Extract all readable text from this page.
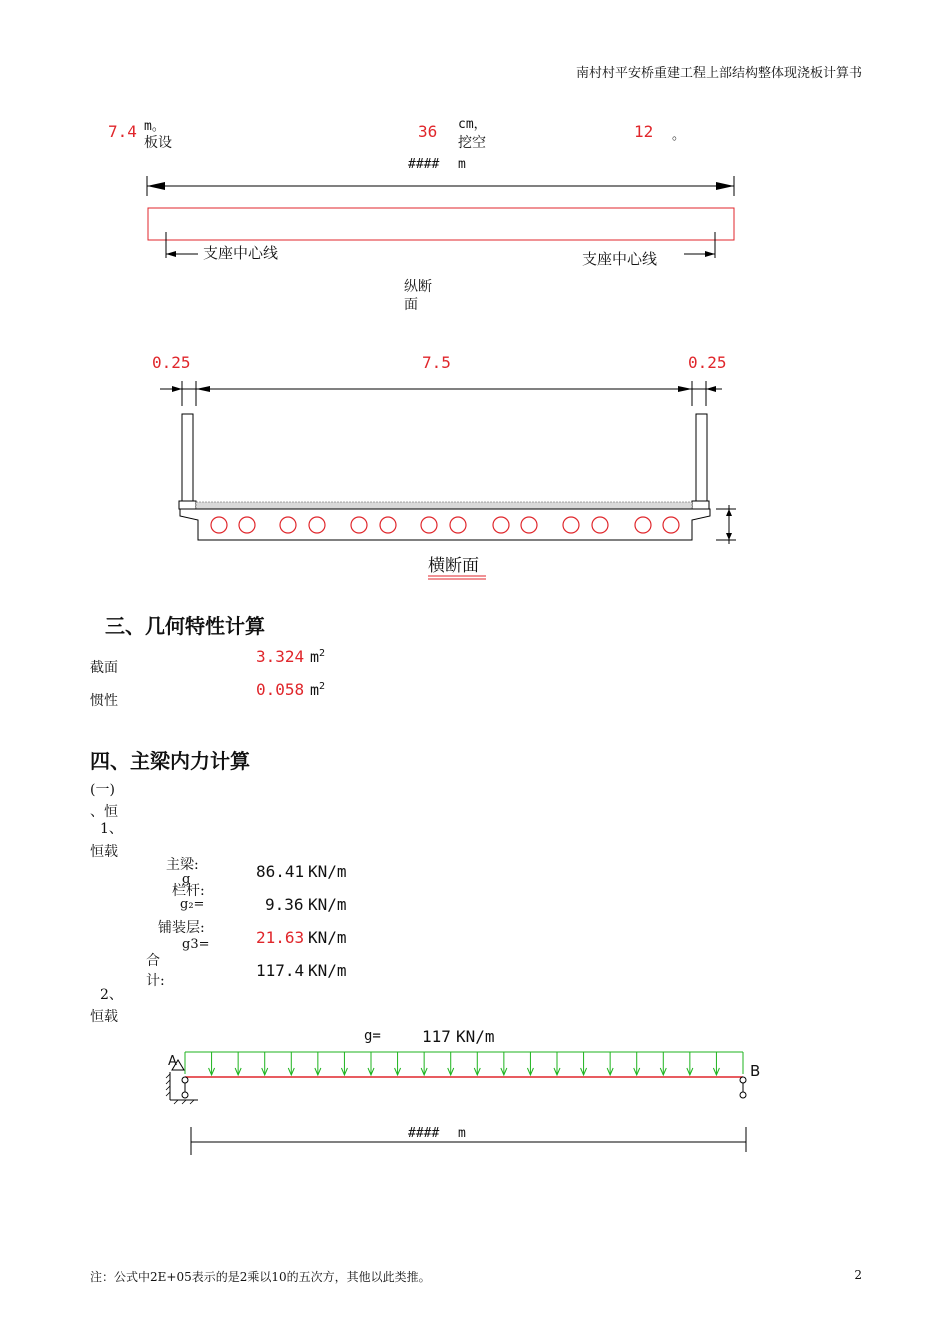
南村村平安桥重建工程上部结构整体现浇板计算书
7.4 m。
板设
36 cm，
挖空
12 。
#### m
支座中心线	支座中心线
纵断
面
0.25	7.5	0.25
横断面
三、几何特性计算
截面
3.324 $m^2$
惯性
0.058 $m^2$
四、主梁内力计算
(一)
、恒
1、
恒载
主梁:
g	86.41 KN/m
栏杆:
g₂=	9.36 KN/m
铺装层:
g3=	21.63 KN/m
合
计:
117.4 KN/m
2、
恒载
g=	117 KN/m
A
B
#### m
注：公式中2E+05表示的是2乘以10的五次方，其他以此类推。	2
